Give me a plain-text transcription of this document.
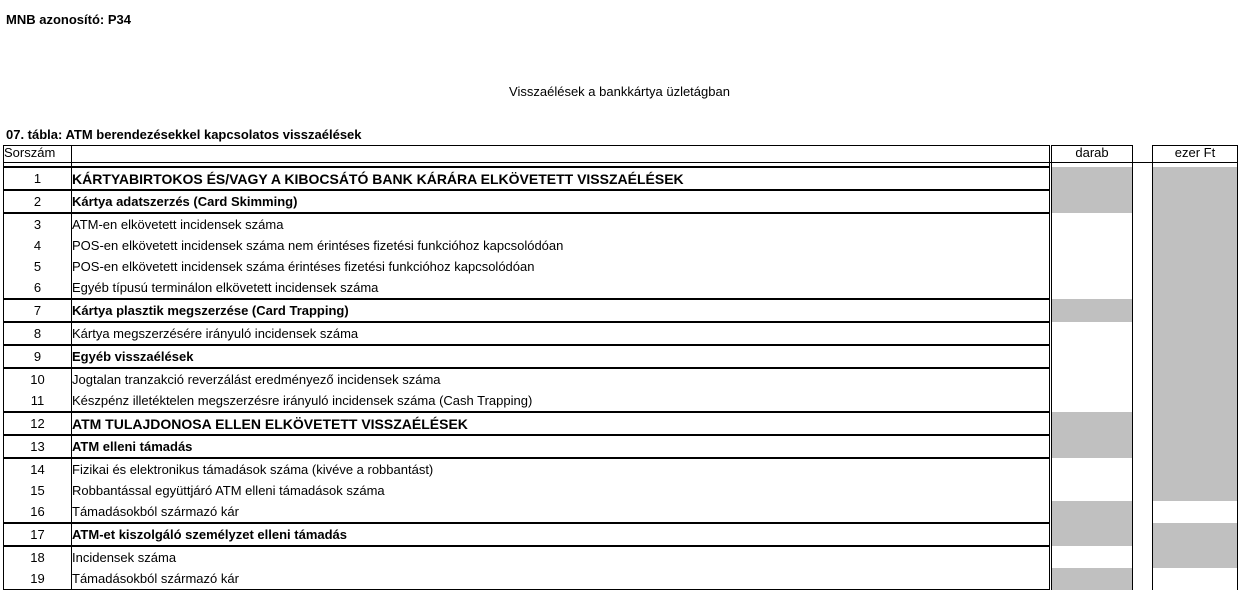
MNB azonosító: P34
Visszaélések a bankkártya üzletágban
07. tábla: ATM berendezésekkel kapcsolatos visszaélések
Sorszám			darab		ezer Ft

1	KÁRTYABIRTOKOS ÉS/VAGY A KIBOCSÁTÓ BANK KÁRÁRA ELKÖVETETT VISSZAÉLÉSEK				
2	Kártya adatszerzés (Card Skimming)				
3	ATM-en elkövetett incidensek száma				
4	POS-en elkövetett incidensek száma nem érintéses fizetési funkcióhoz kapcsolódóan				
5	POS-en elkövetett incidensek száma érintéses fizetési funkcióhoz kapcsolódóan				
6	Egyéb típusú terminálon elkövetett incidensek száma				
7	Kártya plasztik megszerzése (Card Trapping)				
8	Kártya megszerzésére irányuló incidensek száma				
9	Egyéb visszaélések				
10	Jogtalan tranzakció reverzálást eredményező incidensek száma				
11	Készpénz illetéktelen megszerzésre irányuló incidensek száma (Cash Trapping)				
12	ATM TULAJDONOSA ELLEN ELKÖVETETT VISSZAÉLÉSEK				
13	ATM elleni támadás				
14	Fizikai és elektronikus támadások száma (kivéve a robbantást)				
15	Robbantással együttjáró ATM elleni támadások száma				
16	Támadásokból származó kár				
17	ATM-et kiszolgáló személyzet elleni támadás				
18	Incidensek száma				
19	Támadásokból származó kár				
